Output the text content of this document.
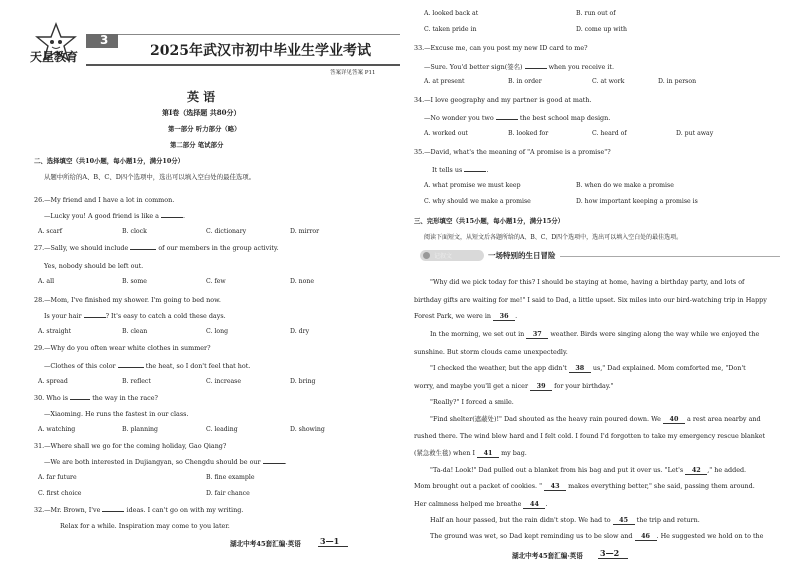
天星教育
3
2025年武汉市初中毕业生学业考试
答案详见答案 P11
英 语
第Ⅰ卷（选择题 共80分）
第一部分 听力部分（略）
第二部分 笔试部分
二、选择填空（共10小题，每小题1分，满分10分）
从题中所给的A、B、C、D四个选项中，选出可以填入空白处的最佳选项。
26.—My friend and I have a lot in common.
—Lucky you! A good friend is like a	.
A. scarf	B. clock	C. dictionary	D. mirror
27.—Sally, we should include	of our members in the group activity.
Yes, nobody should be left out.
A. all	B. some	C. few	D. none
28.—Mom, I've finished my shower. I'm going to bed now.
Is your hair	? It's easy to catch a cold these days.
A. straight	B. clean	C. long	D. dry
29.—Why do you often wear white clothes in summer?
—Clothes of this color	the heat, so I don't feel that hot.
A. spread	B. reflect	C. increase	D. bring
30. Who is	the way in the race?
—Xiaoming. He runs the fastest in our class.
A. watching	B. planning	C. leading	D. showing
31.—Where shall we go for the coming holiday, Gao Qiang?
—We are both interested in Dujiangyan, so Chengdu should be our	.
A. far future	B. fine example
C. first choice	D. fair chance
32.—Mr. Brown, I've	ideas. I can't go on with my writing.
Relax for a while. Inspiration may come to you later.
湖北中考45套汇编·英语 3—1
A. looked back at	B. run out of
C. taken pride in	D. come up with
33.—Excuse me, can you post my new ID card to me?
—Sure. You'd better sign(签名)	when you receive it.
A. at present	B. in order	C. at work	D. in person
34.—I love geography and my partner is good at math.
—No wonder you two	the best school map design.
A. worked out	B. looked for	C. heard of	D. put away
35.—David, what's the meaning of "A promise is a promise"?
It tells us	.
A. what promise we must keep	B. when do we make a promise
C. why should we make a promise	D. how important keeping a promise is
三、完形填空（共15小题，每小题1分，满分15分）
阅读下面短文，从短文后各题所给的A、B、C、D四个选项中，选出可以填入空白处的最佳选项。
记叙文	一场特别的生日冒险
"Why did we pick today for this? I should be staying at home, having a birthday party, and lots of
birthday gifts are waiting for me!" I said to Dad, a little upset. Six miles into our bird-watching trip in Happy
Forest Park, we were in 36 .
In the morning, we set out in 37 weather. Birds were singing along the way while we enjoyed the
sunshine. But storm clouds came unexpectedly.
"I checked the weather, but the app didn't 38 us," Dad explained. Mom comforted me, "Don't
worry, and maybe you'll get a nicer 39 for your birthday."
"Really?" I forced a smile.
"Find shelter(遮蔽处)!" Dad shouted as the heavy rain poured down. We 40 a rest area nearby and
rushed there. The wind blew hard and I felt cold. I found I'd forgotten to take my emergency rescue blanket
(紧急救生毯) when I 41 my bag.
"Ta-da! Look!" Dad pulled out a blanket from his bag and put it over us. "Let's 42 ," he added.
Mom brought out a packet of cookies. " 43 makes everything better," she said, passing them around.
Her calmness helped me breathe 44 .
Half an hour passed, but the rain didn't stop. We had to 45 the trip and return.
The ground was wet, so Dad kept reminding us to be slow and 46 . He suggested we hold on to the
湖北中考45套汇编·英语 3—2
